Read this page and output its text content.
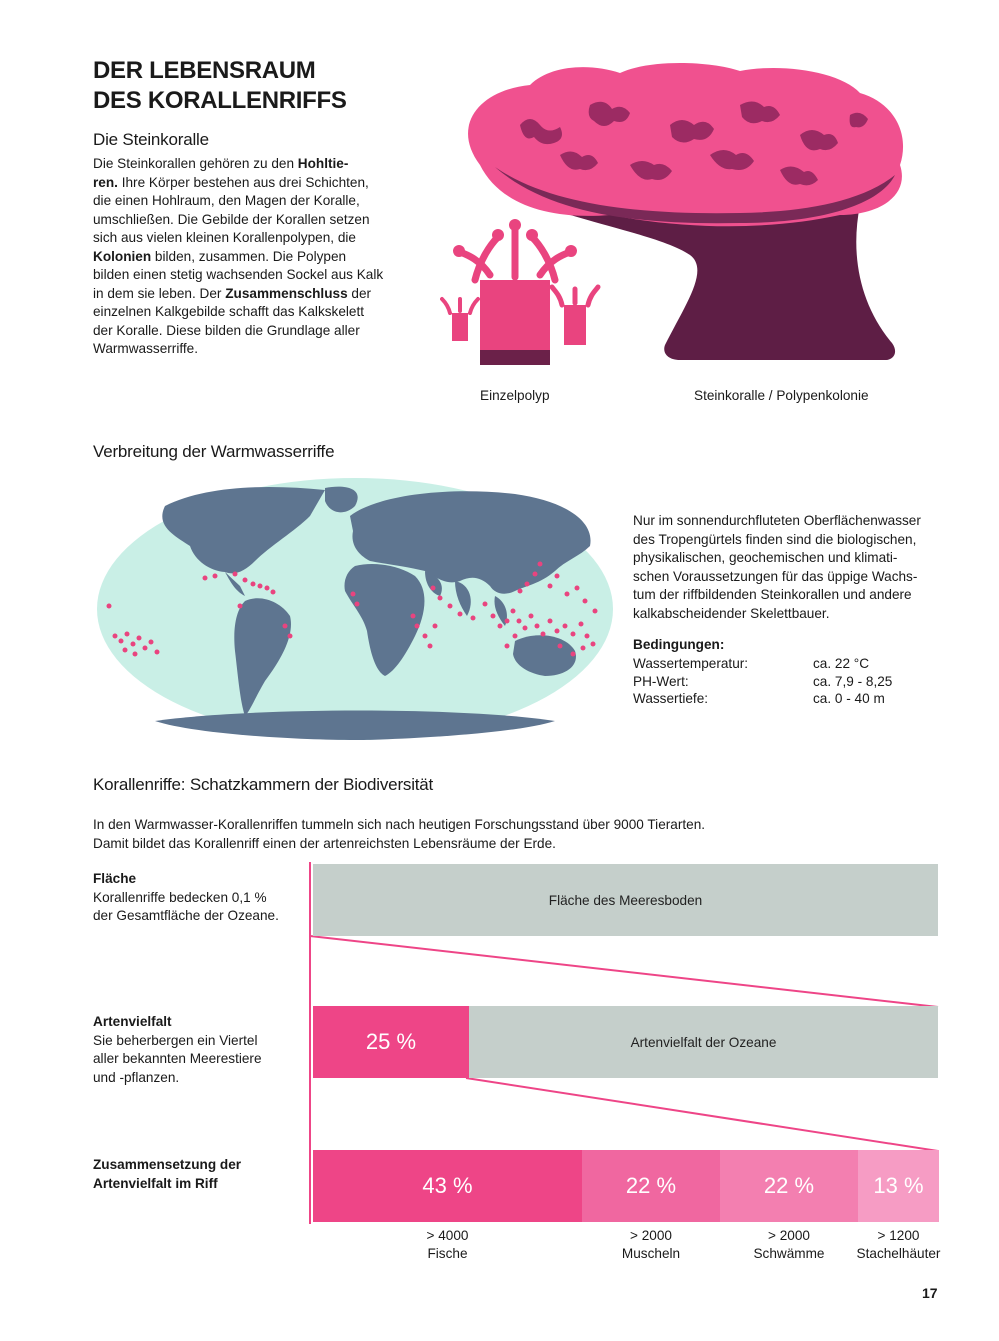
DER LEBENSRAUM
DES KORALLENRIFFS
Die Steinkoralle
Die Steinkorallen gehören zu den Hohltie-
ren. Ihre Körper bestehen aus drei Schichten,
die einen Hohlraum, den Magen der Koralle,
umschließen. Die Gebilde der Korallen setzen
sich aus vielen kleinen Korallenpolypen, die
Kolonien bilden, zusammen. Die Polypen
bilden einen stetig wachsenden Sockel aus Kalk
in dem sie leben. Der Zusammenschluss der
einzelnen Kalkgebilde schafft das Kalkskelett
der Koralle. Diese bilden die Grundlage aller
Warmwasserriffe.
Einzelpolyp	Steinkoralle / Polypenkolonie
Verbreitung der Warmwasserriffe
Nur im sonnendurchfluteten Oberflächenwasser
des Tropengürtels finden sind die biologischen,
physikalischen, geochemischen und klimati-
schen Voraussetzungen für das üppige Wachs-
tum der riffbildenden Steinkorallen und andere
kalkabscheidender Skelettbauer.
Bedingungen:
Wassertemperatur:	ca. 22 °C
PH-Wert:	ca. 7,9 - 8,25
Wassertiefe:	ca. 0 - 40 m
Korallenriffe: Schatzkammern der Biodiversität
In den Warmwasser-Korallenriffen tummeln sich nach heutigen Forschungsstand über 9000 Tierarten.
Damit bildet das Korallenriff einen der artenreichsten Lebensräume der Erde.
Fläche
Korallenriffe bedecken 0,1 %
der Gesamtfläche der Ozeane.
Artenvielfalt
Sie beherbergen ein Viertel
aller bekannten Meerestiere
und -pflanzen.
Zusammensetzung der
Artenvielfalt im Riff
Fläche des Meeresboden
25 %	Artenvielfalt der Ozeane
43 %
> 4000
Fische
22 %
> 2000
Muscheln
22 %
> 2000
Schwämme
13 %
> 1200
Stachelhäuter
17
